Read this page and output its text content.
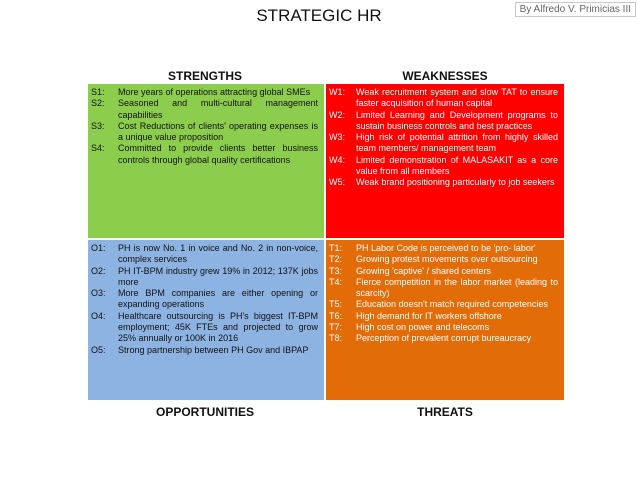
STRATEGIC HR	By Alfredo V. Primicias III
STRENGTHS	WEAKNESSES
S1:	More years of operations attracting global SMEs
S2:	Seasoned and multi-cultural management capabilities
S3:	Cost Reductions of clients' operating expenses is a unique value proposition
S4:	Committed to provide clients better business controls through global quality certifications
W1:	Weak recruitment system and slow TAT to ensure faster acquisition of human capital
W2:	Limited Learning and Development programs to sustain business controls and best practices
W3:	High risk of potential attrition from highly skilled team members/ management team
W4:	Limited demonstration of MALASAKIT as a core value from all members
W5:	Weak brand positioning particularly to job seekers
O1:	PH is now No. 1 in voice and No. 2 in non-voice, complex services
O2:	PH IT-BPM industry grew 19% in 2012; 137K jobs more
O3:	More BPM companies are either opening or expanding operations
O4:	Healthcare outsourcing is PH's biggest IT-BPM employment; 45K FTEs and projected to grow 25% annually or 100K in 2016
O5:	Strong partnership between PH Gov and IBPAP
T1:	PH Labor Code is perceived to be 'pro- labor'
T2:	Growing protest movements over outsourcing
T3:	Growing 'captive' / shared centers
T4:	Fierce competition in the labor market (leading to scarcity)
T5:	Education doesn't match required competencies
T6:	High demand for IT workers offshore
T7:	High cost on power and telecoms
T8:	Perception of prevalent corrupt bureaucracy
OPPORTUNITIES	THREATS
